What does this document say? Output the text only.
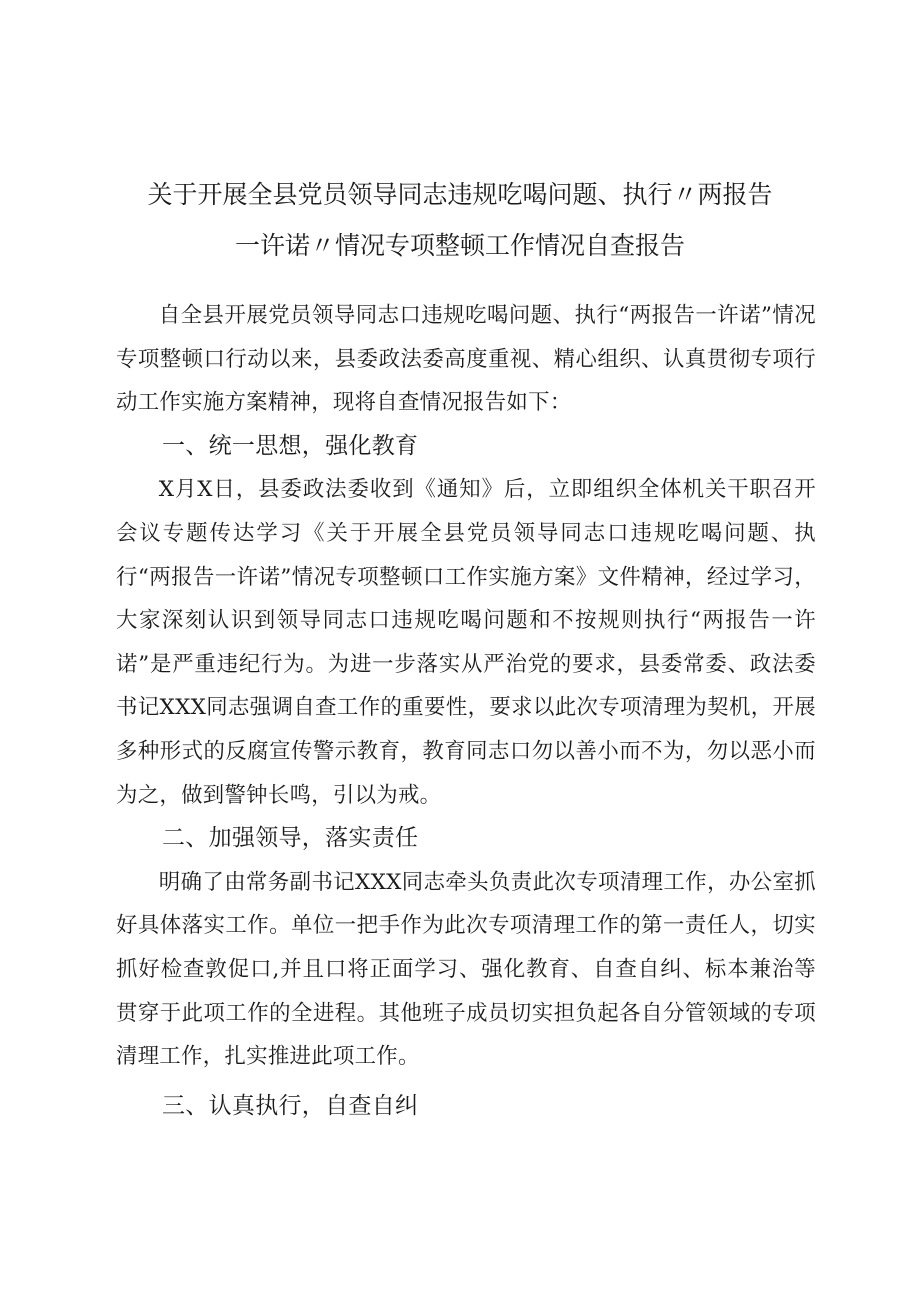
关于开展全县党员领导同志违规吃喝问题、执行〃两报告
一许诺〃情况专项整顿工作情况自查报告

自全县开展党员领导同志口违规吃喝问题、执行“两报告一许诺”情况专项整顿口行动以来，县委政法委高度重视、精心组织、认真贯彻专项行动工作实施方案精神，现将自查情况报告如下：

一、统一思想，强化教育

X月X日，县委政法委收到《通知》后，立即组织全体机关干职召开会议专题传达学习《关于开展全县党员领导同志口违规吃喝问题、执行“两报告一许诺”情况专项整顿口工作实施方案》文件精神，经过学习，大家深刻认识到领导同志口违规吃喝问题和不按规则执行“两报告一许诺”是严重违纪行为。为进一步落实从严治党的要求，县委常委、政法委书记XXX同志强调自查工作的重要性，要求以此次专项清理为契机，开展多种形式的反腐宣传警示教育，教育同志口勿以善小而不为，勿以恶小而为之，做到警钟长鸣，引以为戒。

二、加强领导，落实责任

明确了由常务副书记XXX同志牵头负责此次专项清理工作，办公室抓好具体落实工作。单位一把手作为此次专项清理工作的第一责任人，切实抓好检查敦促口,并且口将正面学习、强化教育、自查自纠、标本兼治等贯穿于此项工作的全进程。其他班子成员切实担负起各自分管领域的专项清理工作，扎实推进此项工作。

三、认真执行，自查自纠
